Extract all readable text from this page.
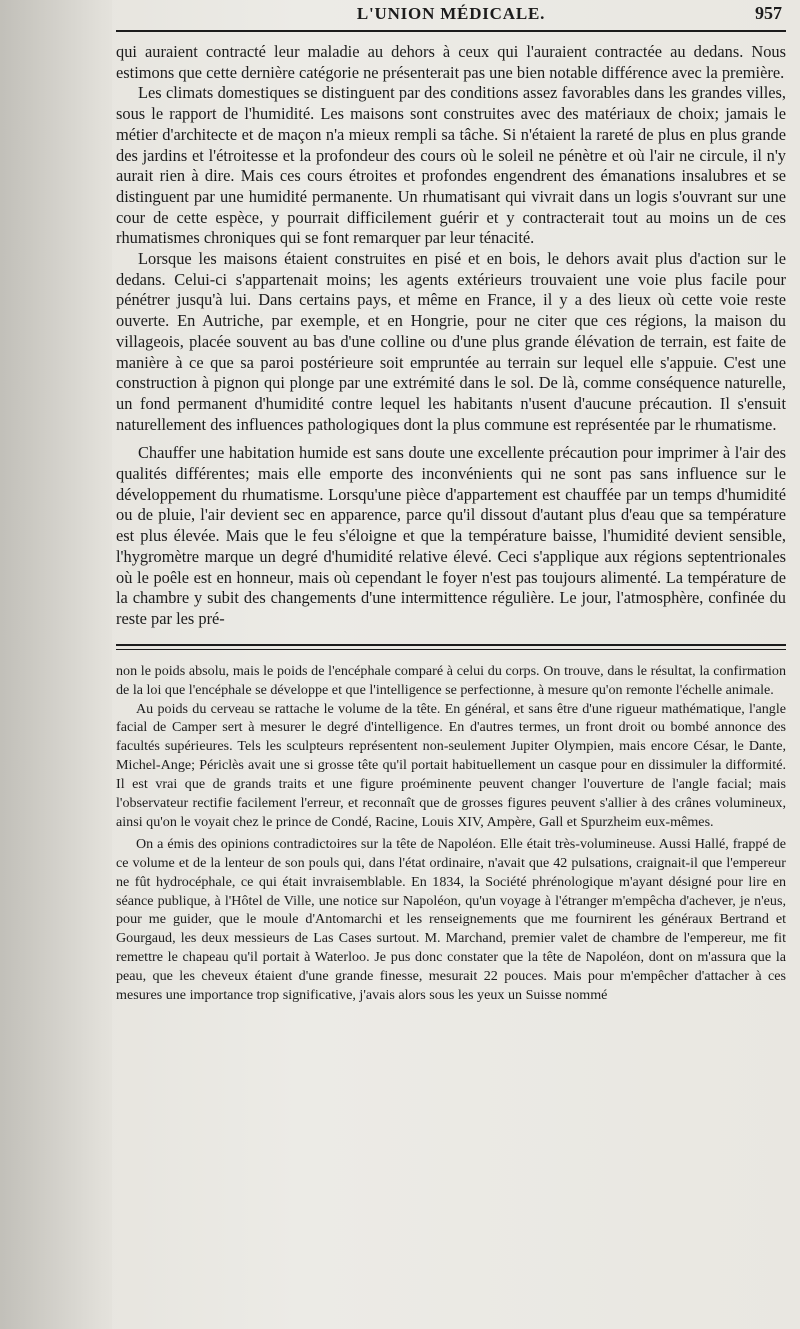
L'UNION MÉDICALE.	957

qui auraient contracté leur maladie au dehors à ceux qui l'auraient contractée au dedans. Nous estimons que cette dernière catégorie ne présenterait pas une bien notable différence avec la première.

Les climats domestiques se distinguent par des conditions assez favorables dans les grandes villes, sous le rapport de l'humidité. Les maisons sont construites avec des matériaux de choix; jamais le métier d'architecte et de maçon n'a mieux rempli sa tâche. Si n'étaient la rareté de plus en plus grande des jardins et l'étroitesse et la profondeur des cours où le soleil ne pénètre et où l'air ne circule, il n'y aurait rien à dire. Mais ces cours étroites et profondes engendrent des émanations insalubres et se distinguent par une humidité permanente. Un rhumatisant qui vivrait dans un logis s'ouvrant sur une cour de cette espèce, y pourrait difficilement guérir et y contracterait tout au moins un de ces rhumatismes chroniques qui se font remarquer par leur ténacité.

Lorsque les maisons étaient construites en pisé et en bois, le dehors avait plus d'action sur le dedans. Celui-ci s'appartenait moins; les agents extérieurs trouvaient une voie plus facile pour pénétrer jusqu'à lui. Dans certains pays, et même en France, il y a des lieux où cette voie reste ouverte. En Autriche, par exemple, et en Hongrie, pour ne citer que ces régions, la maison du villageois, placée souvent au bas d'une colline ou d'une plus grande élévation de terrain, est faite de manière à ce que sa paroi postérieure soit empruntée au terrain sur lequel elle s'appuie. C'est une construction à pignon qui plonge par une extrémité dans le sol. De là, comme conséquence naturelle, un fond permanent d'humidité contre lequel les habitants n'usent d'aucune précaution. Il s'ensuit naturellement des influences pathologiques dont la plus commune est représentée par le rhumatisme.

Chauffer une habitation humide est sans doute une excellente précaution pour imprimer à l'air des qualités différentes; mais elle emporte des inconvénients qui ne sont pas sans influence sur le développement du rhumatisme. Lorsqu'une pièce d'appartement est chauffée par un temps d'humidité ou de pluie, l'air devient sec en apparence, parce qu'il dissout d'autant plus d'eau que sa température est plus élevée. Mais que le feu s'éloigne et que la température baisse, l'humidité devient sensible, l'hygromètre marque un degré d'humidité relative élevé. Ceci s'applique aux régions septentrionales où le poêle est en honneur, mais où cependant le foyer n'est pas toujours alimenté. La température de la chambre y subit des changements d'une intermittence régulière. Le jour, l'atmosphère, confinée du reste par les pré-

non le poids absolu, mais le poids de l'encéphale comparé à celui du corps. On trouve, dans le résultat, la confirmation de la loi que l'encéphale se développe et que l'intelligence se perfectionne, à mesure qu'on remonte l'échelle animale.

Au poids du cerveau se rattache le volume de la tête. En général, et sans être d'une rigueur mathématique, l'angle facial de Camper sert à mesurer le degré d'intelligence. En d'autres termes, un front droit ou bombé annonce des facultés supérieures. Tels les sculpteurs représentent non-seulement Jupiter Olympien, mais encore César, le Dante, Michel-Ange; Périclès avait une si grosse tête qu'il portait habituellement un casque pour en dissimuler la difformité. Il est vrai que de grands traits et une figure proéminente peuvent changer l'ouverture de l'angle facial; mais l'observateur rectifie facilement l'erreur, et reconnaît que de grosses figures peuvent s'allier à des crânes volumineux, ainsi qu'on le voyait chez le prince de Condé, Racine, Louis XIV, Ampère, Gall et Spurzheim eux-mêmes.

On a émis des opinions contradictoires sur la tête de Napoléon. Elle était très-volumineuse. Aussi Hallé, frappé de ce volume et de la lenteur de son pouls qui, dans l'état ordinaire, n'avait que 42 pulsations, craignait-il que l'empereur ne fût hydrocéphale, ce qui était invraisemblable. En 1834, la Société phrénologique m'ayant désigné pour lire en séance publique, à l'Hôtel de Ville, une notice sur Napoléon, qu'un voyage à l'étranger m'empêcha d'achever, je n'eus, pour me guider, que le moule d'Antomarchi et les renseignements que me fournirent les généraux Bertrand et Gourgaud, les deux messieurs de Las Cases surtout. M. Marchand, premier valet de chambre de l'empereur, me fit remettre le chapeau qu'il portait à Waterloo. Je pus donc constater que la tête de Napoléon, dont on m'assura que la peau, que les cheveux étaient d'une grande finesse, mesurait 22 pouces. Mais pour m'empêcher d'attacher à ces mesures une importance trop significative, j'avais alors sous les yeux un Suisse nommé
